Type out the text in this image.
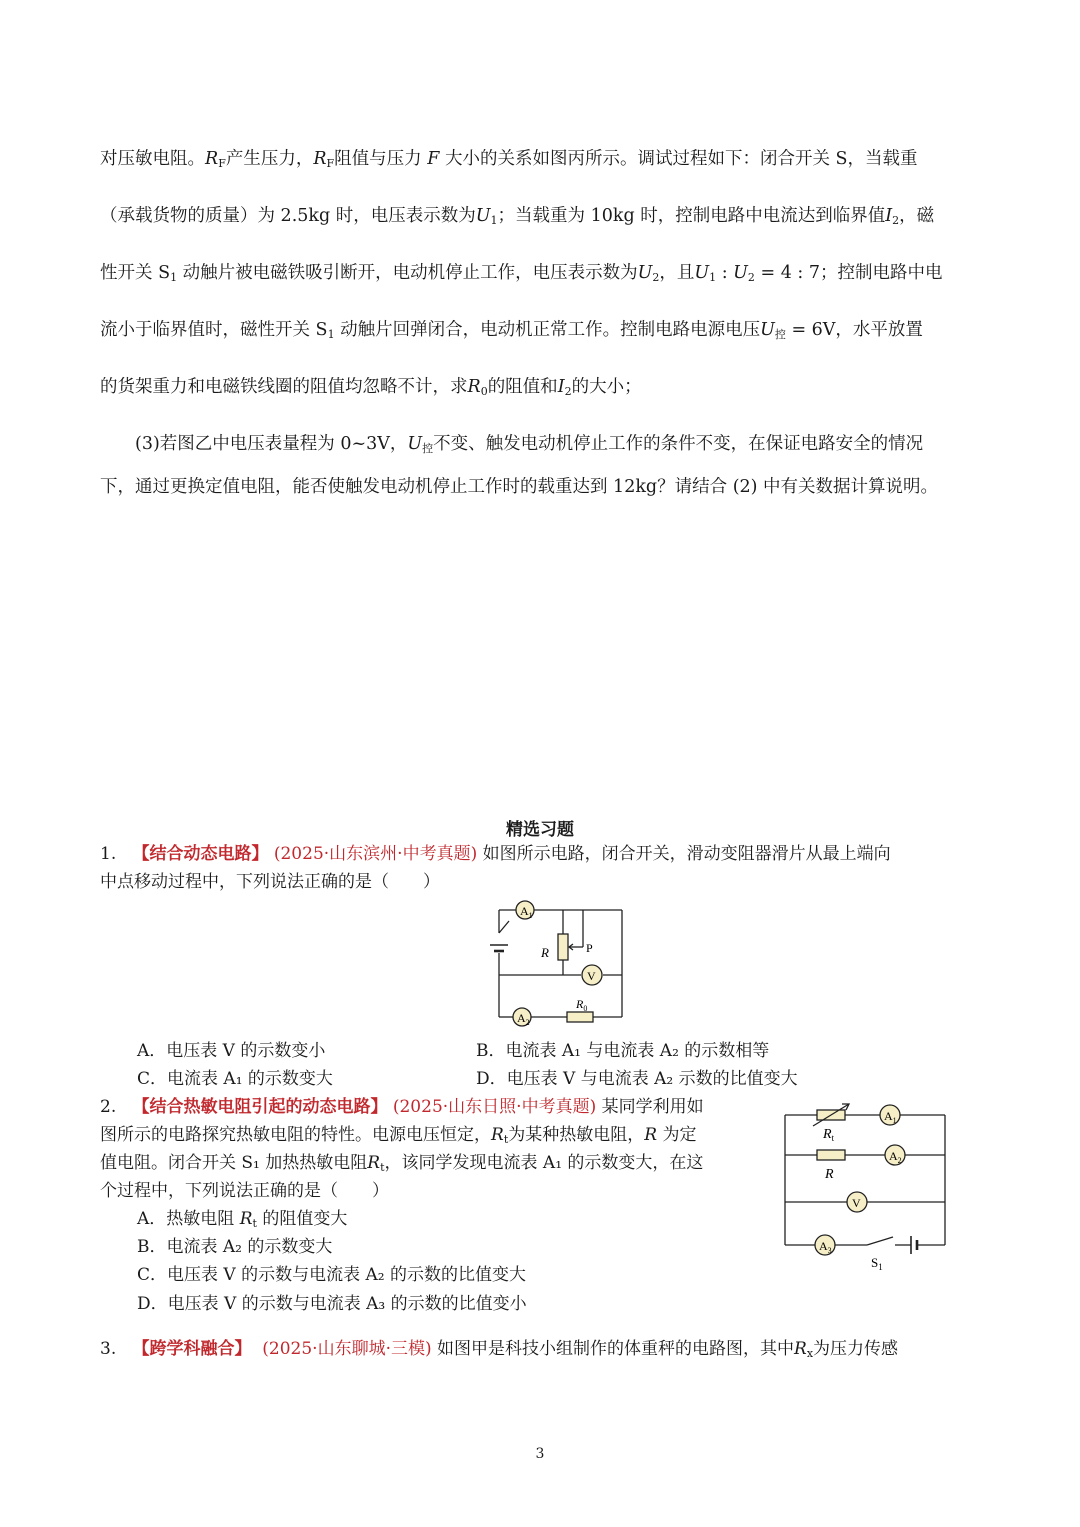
对压敏电阻。$R_F$产生压力，$R_F$阻值与压力 F 大小的关系如图丙所示。调试过程如下：闭合开关 S，当载重
（承载货物的质量）为 2.5kg 时，电压表示数为$U_1$；当载重为 10kg 时，控制电路中电流达到临界值$I_2$，磁
性开关 $S_1$ 动触片被电磁铁吸引断开，电动机停止工作，电压表示数为$U_2$，且$U_1$ : $U_2 = 4$ : 7；控制电路中电
流小于临界值时，磁性开关 $S_1$ 动触片回弹闭合，电动机正常工作。控制电路电源电压$U_控 = 6V$，水平放置
的货架重力和电磁铁线圈的阻值均忽略不计，求$R_0$的阻值和$I_2$的大小；
(3)若图乙中电压表量程为 0~3V，$U_控$不变、触发电动机停止工作的条件不变，在保证电路安全的情况
下，通过更换定值电阻，能否使触发电动机停止工作时的载重达到 12kg？请结合 (2) 中有关数据计算说明。
精选习题
1. 【结合动态电路】 (2025·山东滨州·中考真题) 如图所示电路，闭合开关，滑动变阻器滑片从最上端向
中点移动过程中，下列说法正确的是（　　）
$A_1$
V
$A_2$
R	P
$R_0$
A．电压表 V 的示数变小	B．电流表 A₁ 与电流表 A₂ 的示数相等
C．电流表 A₁ 的示数变大	D．电压表 V 与电流表 A₂ 示数的比值变大
2. 【结合热敏电阻引起的动态电路】 (2025·山东日照·中考真题) 某同学利用如
图所示的电路探究热敏电阻的特性。电源电压恒定，$R_t$为某种热敏电阻，R 为定
值电阻。闭合开关 S₁ 加热热敏电阻$R_t$，该同学发现电流表 A₁ 的示数变大，在这
个过程中，下列说法正确的是（　　）
A．热敏电阻 $R_t$ 的阻值变大
B．电流表 A₂ 的示数变大
C．电压表 V 的示数与电流表 A₂ 的示数的比值变大
D．电压表 V 的示数与电流表 A₃ 的示数的比值变小
$A_1$
$A_2$
V
$A_3$
$R_t$
R
$S_1$
3. 【跨学科融合】 (2025·山东聊城·三模) 如图甲是科技小组制作的体重秤的电路图，其中$R_x$为压力传感
3
